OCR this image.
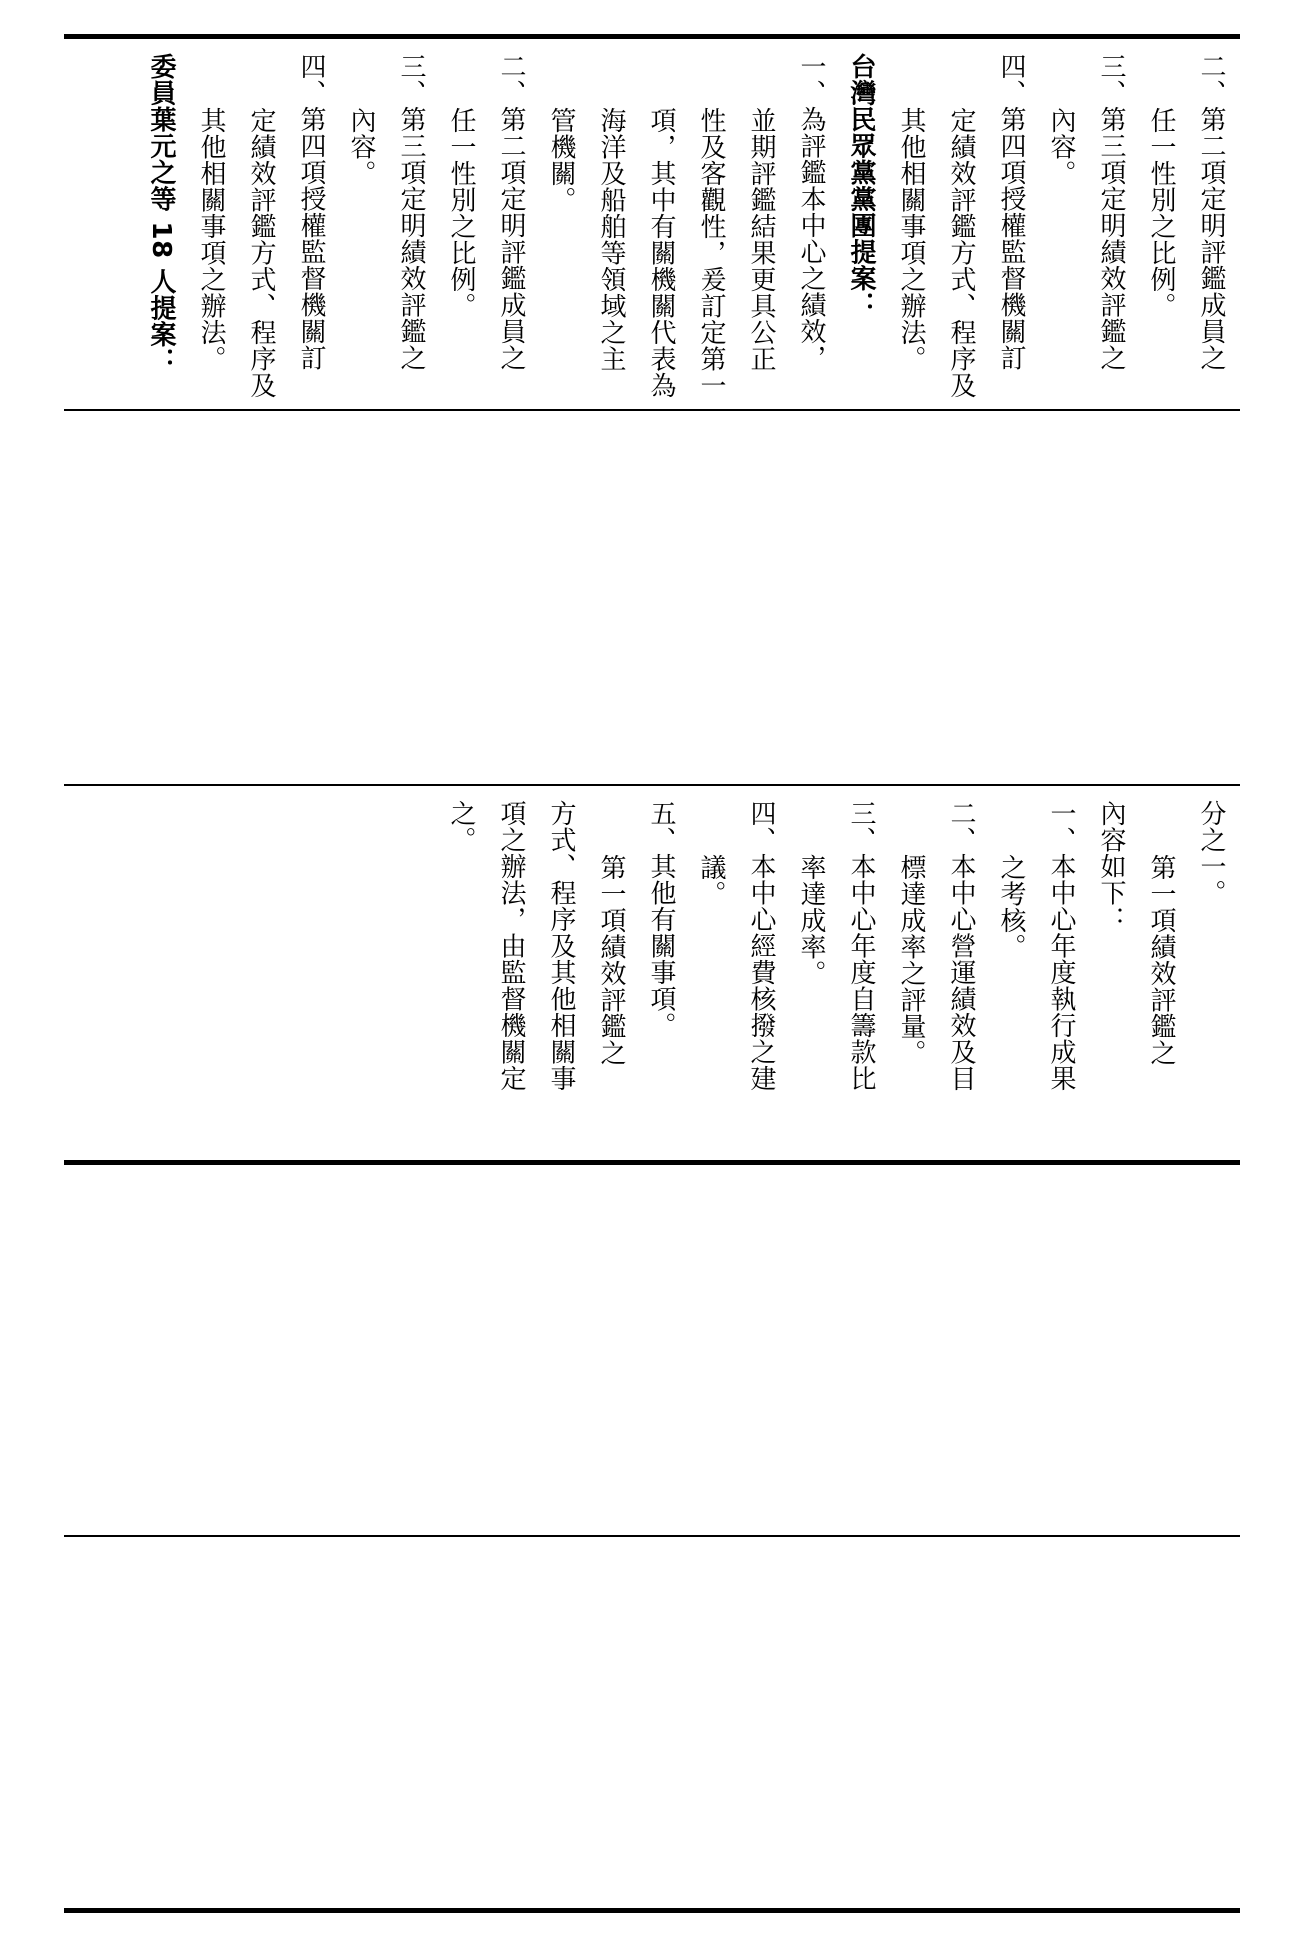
二、第二項定明評鑑成員之
任一性別之比例。
三、第三項定明績效評鑑之
內容。
四、第四項授權監督機關訂
定績效評鑑方式、程序及
其他相關事項之辦法。
台灣民眾黨黨團提案：
一、為評鑑本中心之績效，
並期評鑑結果更具公正
性及客觀性，爰訂定第一
項，其中有關機關代表為
海洋及船舶等領域之主
管機關。
二、第二項定明評鑑成員之
任一性別之比例。
三、第三項定明績效評鑑之
內容。
四、第四項授權監督機關訂
定績效評鑑方式、程序及
其他相關事項之辦法。
委員葉元之等 18 人提案：
分之一。
第一項績效評鑑之
內容如下：
一、本中心年度執行成果
之考核。
二、本中心營運績效及目
標達成率之評量。
三、本中心年度自籌款比
率達成率。
四、本中心經費核撥之建
議。
五、其他有關事項。
第一項績效評鑑之
方式、程序及其他相關事
項之辦法，由監督機關定
之。
